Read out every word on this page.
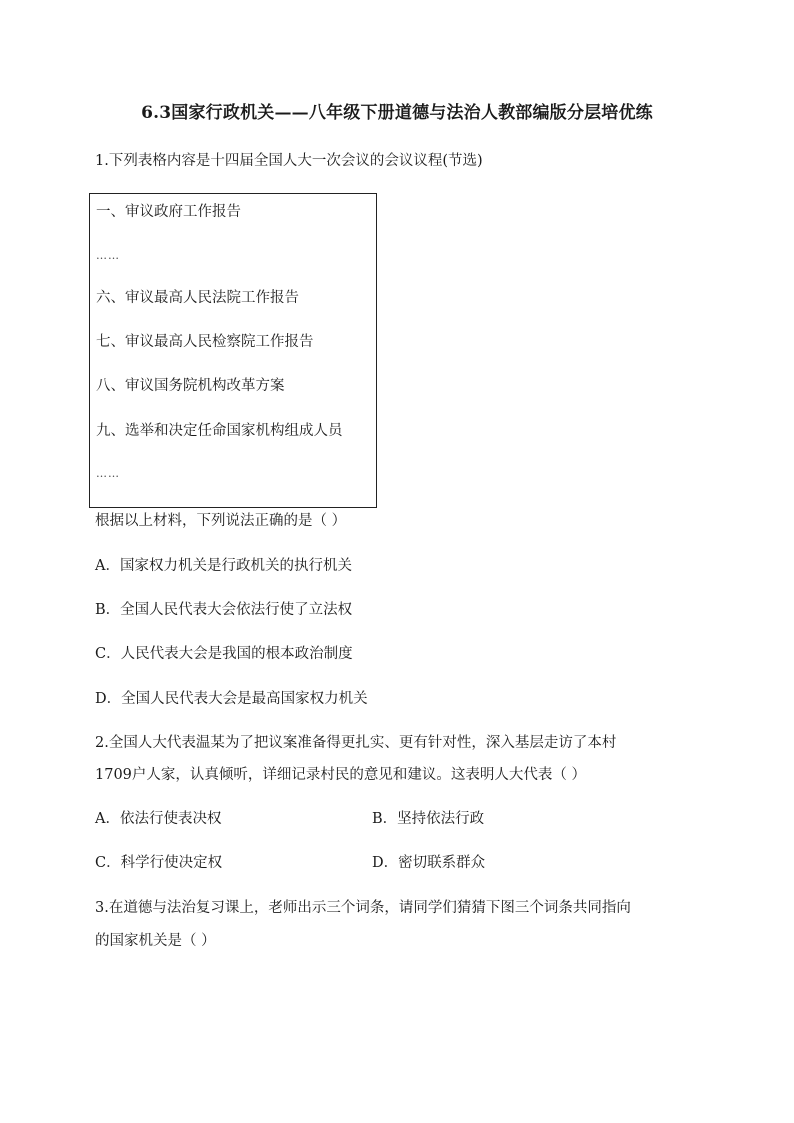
6.3国家行政机关——八年级下册道德与法治人教部编版分层培优练
1.下列表格内容是十四届全国人大一次会议的会议议程(节选)
一、审议政府工作报告
……
六、审议最高人民法院工作报告
七、审议最高人民检察院工作报告
八、审议国务院机构改革方案
九、选举和决定任命国家机构组成人员
……
根据以上材料，下列说法正确的是（ ）
A．国家权力机关是行政机关的执行机关
B．全国人民代表大会依法行使了立法权
C．人民代表大会是我国的根本政治制度
D．全国人民代表大会是最高国家权力机关
2.全国人大代表温某为了把议案准备得更扎实、更有针对性，深入基层走访了本村
1709户人家，认真倾听，详细记录村民的意见和建议。这表明人大代表（ ）
A．依法行使表决权	B．坚持依法行政
C．科学行使决定权	D．密切联系群众
3.在道德与法治复习课上，老师出示三个词条，请同学们猜猜下图三个词条共同指向
的国家机关是（ ）
